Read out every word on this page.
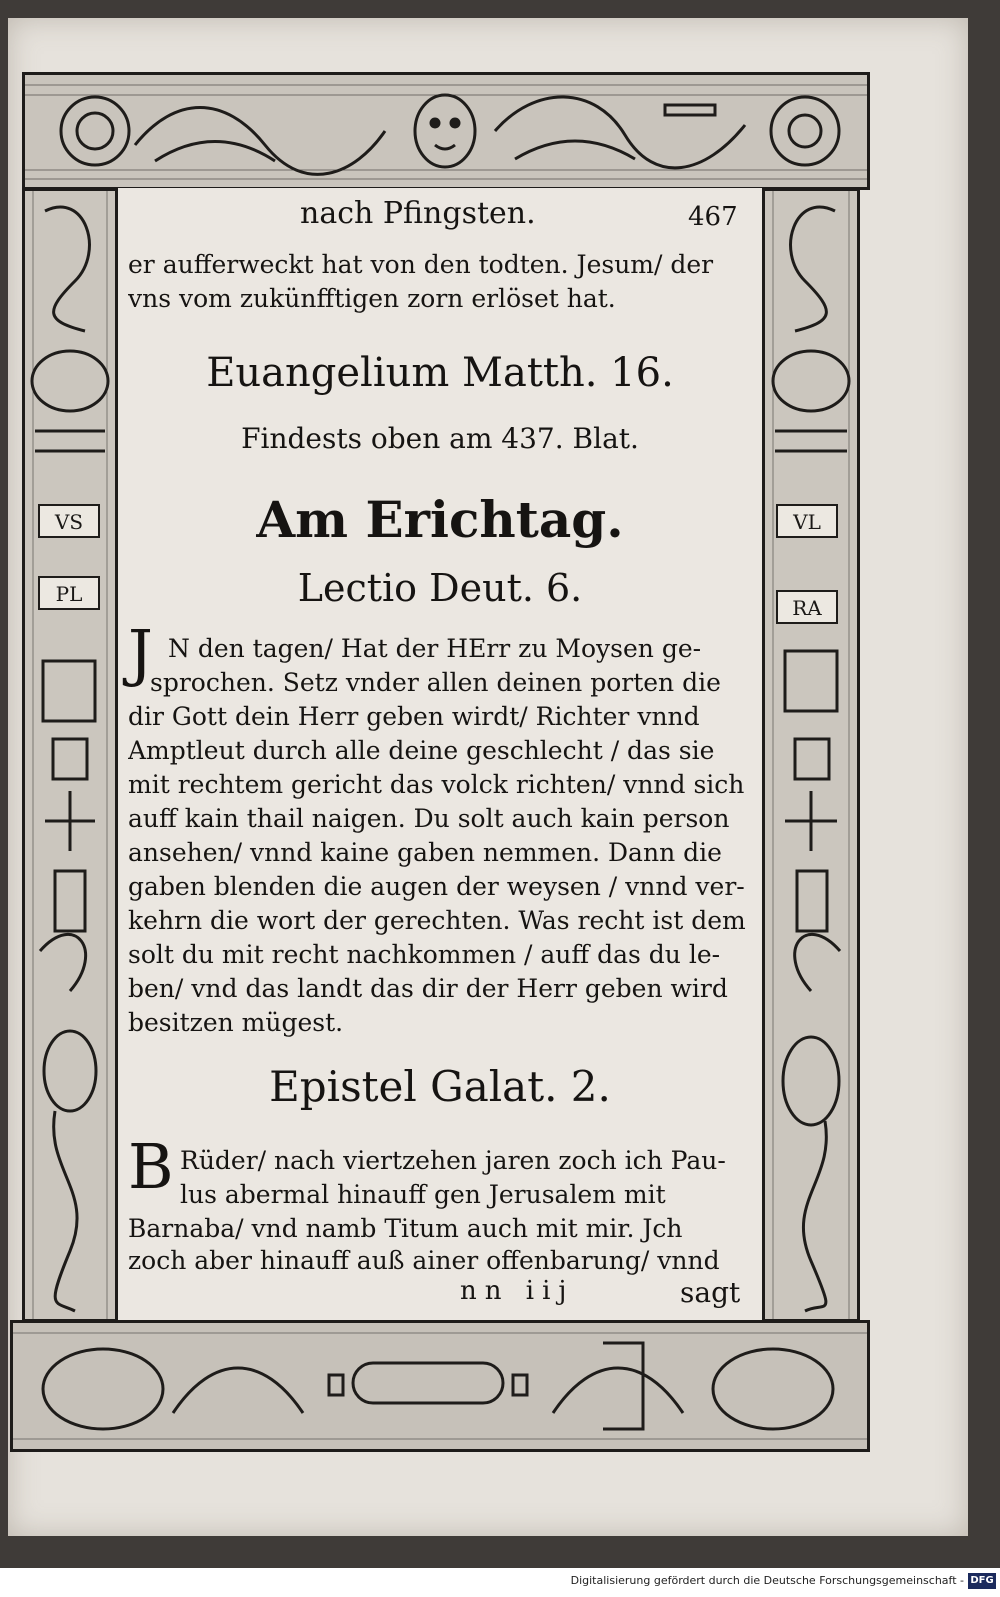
VS
PL
VL
RA
nach Pfingsten.	467
er aufferweckt hat von den todten. Jesum/ der
vns vom zukünfftigen zorn erlöset hat.
Euangelium Matth. 16.
Findests oben am 437. Blat.
Am Erichtag.
Lectio Deut. 6.
J N den tagen/ Hat der HErr zu Moysen ge-
sprochen. Setz vnder allen deinen porten die
dir Gott dein Herr geben wirdt/ Richter vnnd
Amptleut durch alle deine geschlecht / das sie
mit rechtem gericht das volck richten/ vnnd sich
auff kain thail naigen. Du solt auch kain person
ansehen/ vnnd kaine gaben nemmen. Dann die
gaben blenden die augen der weysen / vnnd ver-
kehrn die wort der gerechten. Was recht ist dem
solt du mit recht nachkommen / auff das du le-
ben/ vnd das landt das dir der Herr geben wird
besitzen mügest.
Epistel Galat. 2.
B Rüder/ nach viertzehen jaren zoch ich Pau-
lus abermal hinauff gen Jerusalem mit
Barnaba/ vnd namb Titum auch mit mir. Jch
zoch aber hinauff auß ainer offenbarung/ vnnd
nn iij	sagt
Digitalisierung gefördert durch die Deutsche Forschungsgemeinschaft - DFG
